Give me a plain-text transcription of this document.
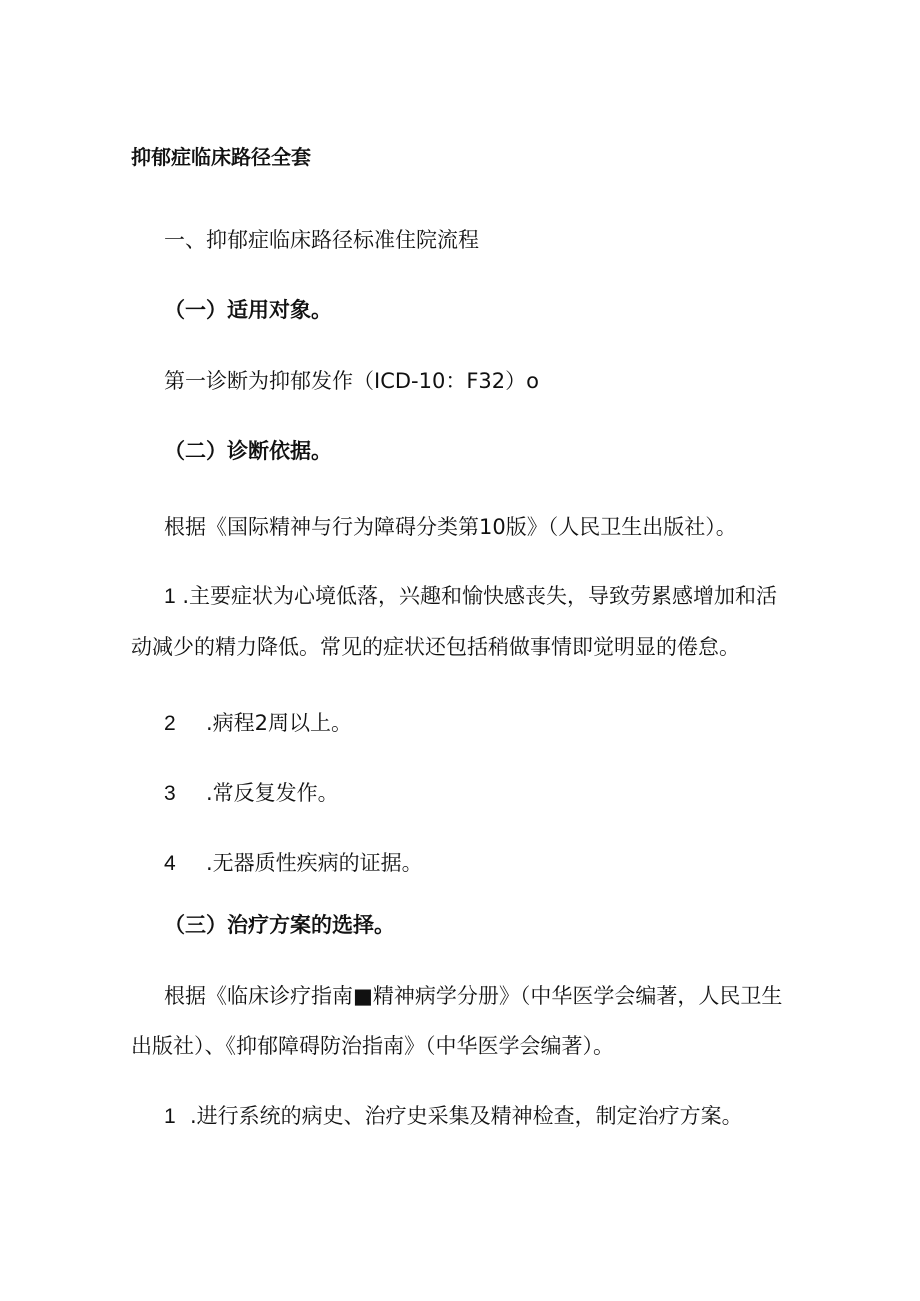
抑郁症临床路径全套
一、抑郁症临床路径标准住院流程
（一）适用对象。
第一诊断为抑郁发作（ICD-10：F32）o
（二）诊断依据。
根据《国际精神与行为障碍分类第10版》（人民卫生出版社）。
1 .主要症状为心境低落，兴趣和愉快感丧失，导致劳累感增加和活动减少的精力降低。常见的症状还包括稍做事情即觉明显的倦怠。
2 .病程2周以上。
3 .常反复发作。
4 .无器质性疾病的证据。
（三）治疗方案的选择。
根据《临床诊疗指南■精神病学分册》（中华医学会编著，人民卫生出版社）、《抑郁障碍防治指南》（中华医学会编著）。
1 .进行系统的病史、治疗史采集及精神检查，制定治疗方案。
